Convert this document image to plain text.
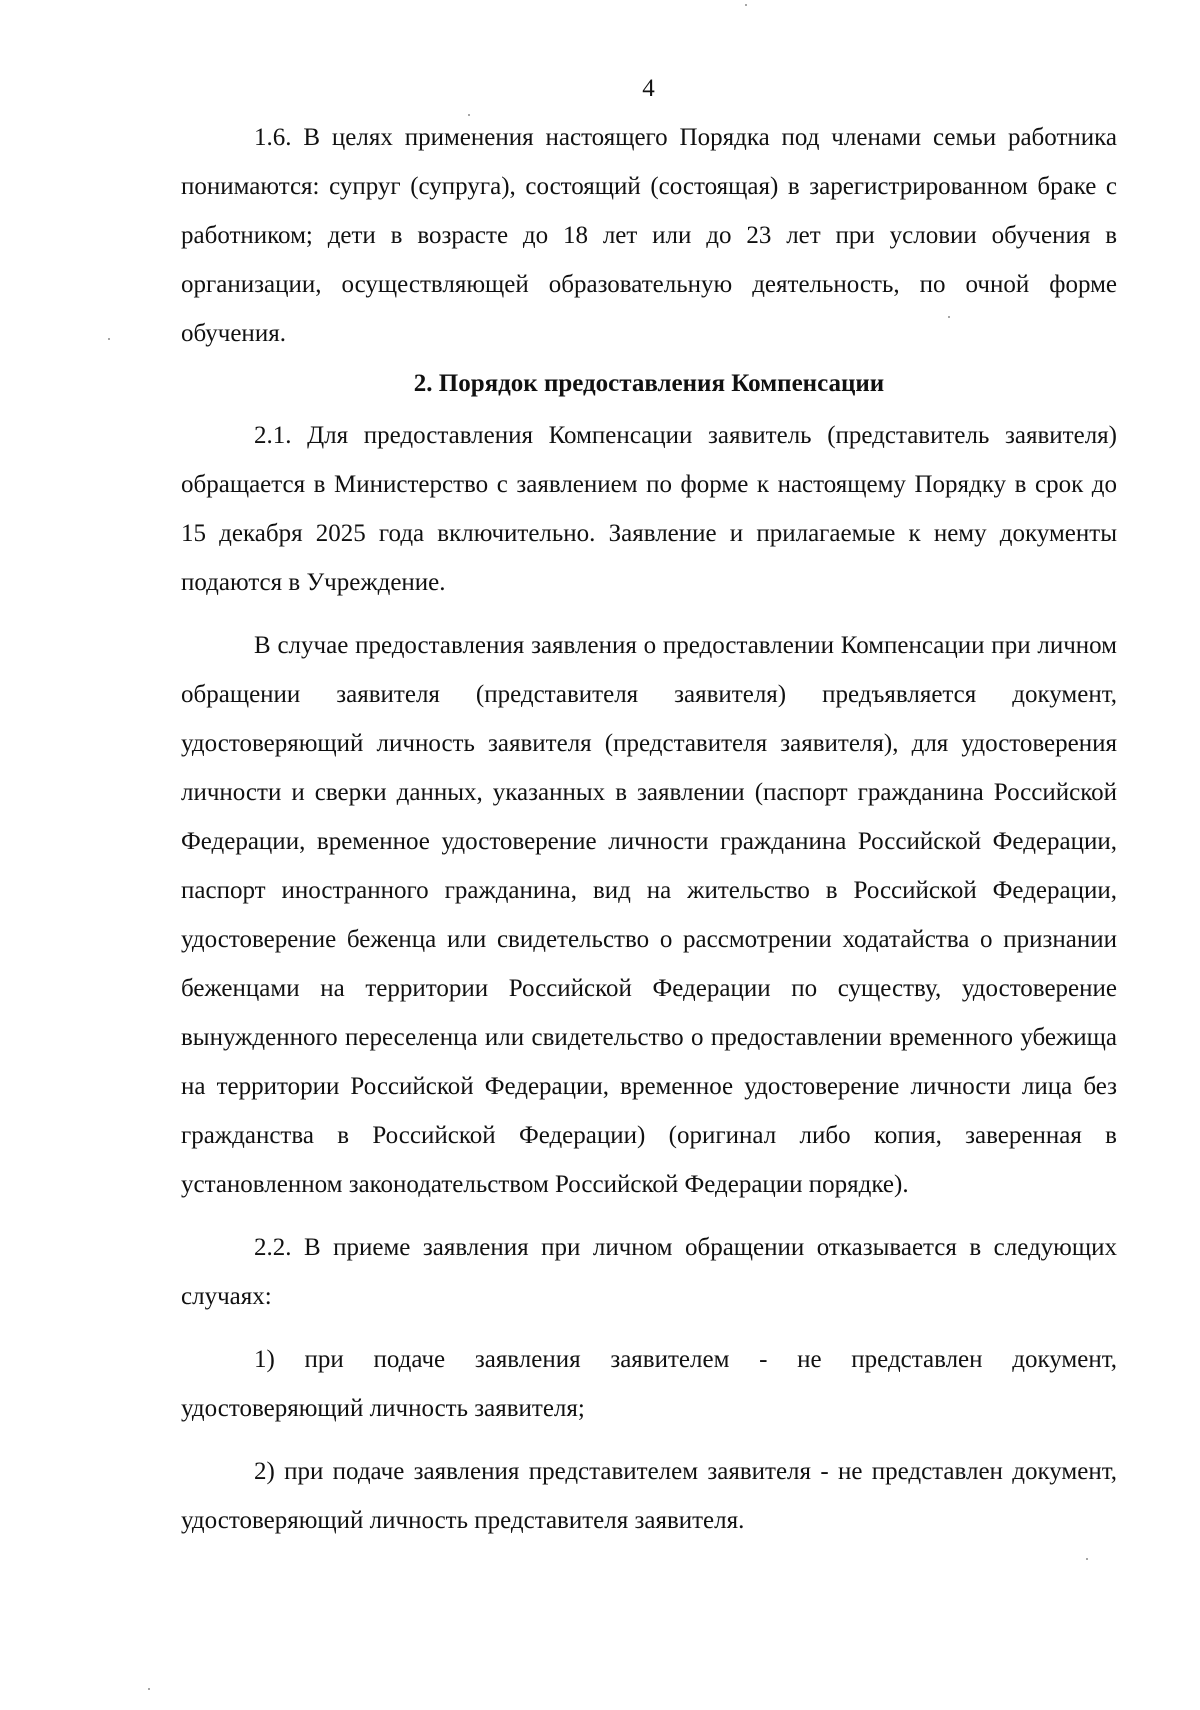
4

1.6. В целях применения настоящего Порядка под членами семьи работника понимаются: супруг (супруга), состоящий (состоящая) в зарегистрированном браке с работником; дети в возрасте до 18 лет или до 23 лет при условии обучения в организации, осуществляющей образовательную деятельность, по очной форме обучения.

2. Порядок предоставления Компенсации

2.1. Для предоставления Компенсации заявитель (представитель заявителя) обращается в Министерство с заявлением по форме к настоящему Порядку в срок до 15 декабря 2025 года включительно. Заявление и прилагаемые к нему документы подаются в Учреждение.

В случае предоставления заявления о предоставлении Компенсации при личном обращении заявителя (представителя заявителя) предъявляется документ, удостоверяющий личность заявителя (представителя заявителя), для удостоверения личности и сверки данных, указанных в заявлении (паспорт гражданина Российской Федерации, временное удостоверение личности гражданина Российской Федерации, паспорт иностранного гражданина, вид на жительство в Российской Федерации, удостоверение беженца или свидетельство о рассмотрении ходатайства о признании беженцами на территории Российской Федерации по существу, удостоверение вынужденного переселенца или свидетельство о предоставлении временного убежища на территории Российской Федерации, временное удостоверение личности лица без гражданства в Российской Федерации) (оригинал либо копия, заверенная в установленном законодательством Российской Федерации порядке).

2.2. В приеме заявления при личном обращении отказывается в следующих случаях:

1) при подаче заявления заявителем - не представлен документ, удостоверяющий личность заявителя;

2) при подаче заявления представителем заявителя - не представлен документ, удостоверяющий личность представителя заявителя.
